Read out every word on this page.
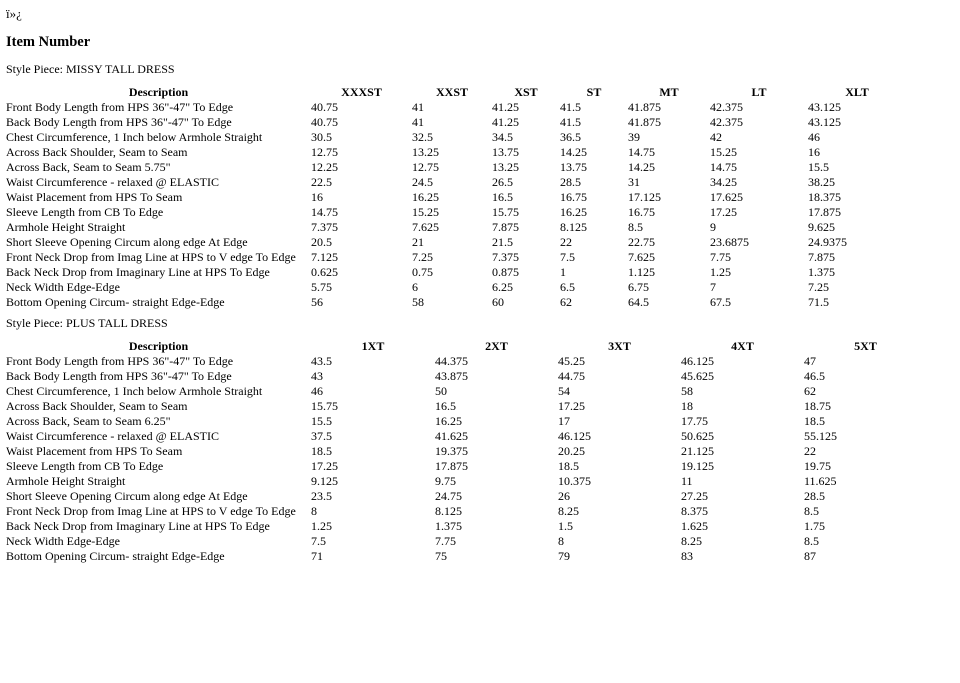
ï»¿
Item Number
Style Piece: MISSY TALL DRESS
Description	XXXST	XXST	XST	ST	MT	LT	XLT
Front Body Length from HPS 36"-47" To Edge	40.75	41	41.25	41.5	41.875	42.375	43.125
Back Body Length from HPS 36"-47" To Edge	40.75	41	41.25	41.5	41.875	42.375	43.125
Chest Circumference, 1 Inch below Armhole Straight	30.5	32.5	34.5	36.5	39	42	46
Across Back Shoulder, Seam to Seam	12.75	13.25	13.75	14.25	14.75	15.25	16
Across Back, Seam to Seam 5.75"	12.25	12.75	13.25	13.75	14.25	14.75	15.5
Waist Circumference - relaxed @ ELASTIC	22.5	24.5	26.5	28.5	31	34.25	38.25
Waist Placement from HPS To Seam	16	16.25	16.5	16.75	17.125	17.625	18.375
Sleeve Length from CB To Edge	14.75	15.25	15.75	16.25	16.75	17.25	17.875
Armhole Height Straight	7.375	7.625	7.875	8.125	8.5	9	9.625
Short Sleeve Opening Circum along edge At Edge	20.5	21	21.5	22	22.75	23.6875	24.9375
Front Neck Drop from Imag Line at HPS to V edge To Edge	7.125	7.25	7.375	7.5	7.625	7.75	7.875
Back Neck Drop from Imaginary Line at HPS To Edge	0.625	0.75	0.875	1	1.125	1.25	1.375
Neck Width Edge-Edge	5.75	6	6.25	6.5	6.75	7	7.25
Bottom Opening Circum- straight Edge-Edge	56	58	60	62	64.5	67.5	71.5
Style Piece: PLUS TALL DRESS
Description	1XT	2XT	3XT	4XT	5XT
Front Body Length from HPS 36"-47" To Edge	43.5	44.375	45.25	46.125	47
Back Body Length from HPS 36"-47" To Edge	43	43.875	44.75	45.625	46.5
Chest Circumference, 1 Inch below Armhole Straight	46	50	54	58	62
Across Back Shoulder, Seam to Seam	15.75	16.5	17.25	18	18.75
Across Back, Seam to Seam 6.25"	15.5	16.25	17	17.75	18.5
Waist Circumference - relaxed @ ELASTIC	37.5	41.625	46.125	50.625	55.125
Waist Placement from HPS To Seam	18.5	19.375	20.25	21.125	22
Sleeve Length from CB To Edge	17.25	17.875	18.5	19.125	19.75
Armhole Height Straight	9.125	9.75	10.375	11	11.625
Short Sleeve Opening Circum along edge At Edge	23.5	24.75	26	27.25	28.5
Front Neck Drop from Imag Line at HPS to V edge To Edge	8	8.125	8.25	8.375	8.5
Back Neck Drop from Imaginary Line at HPS To Edge	1.25	1.375	1.5	1.625	1.75
Neck Width Edge-Edge	7.5	7.75	8	8.25	8.5
Bottom Opening Circum- straight Edge-Edge	71	75	79	83	87
